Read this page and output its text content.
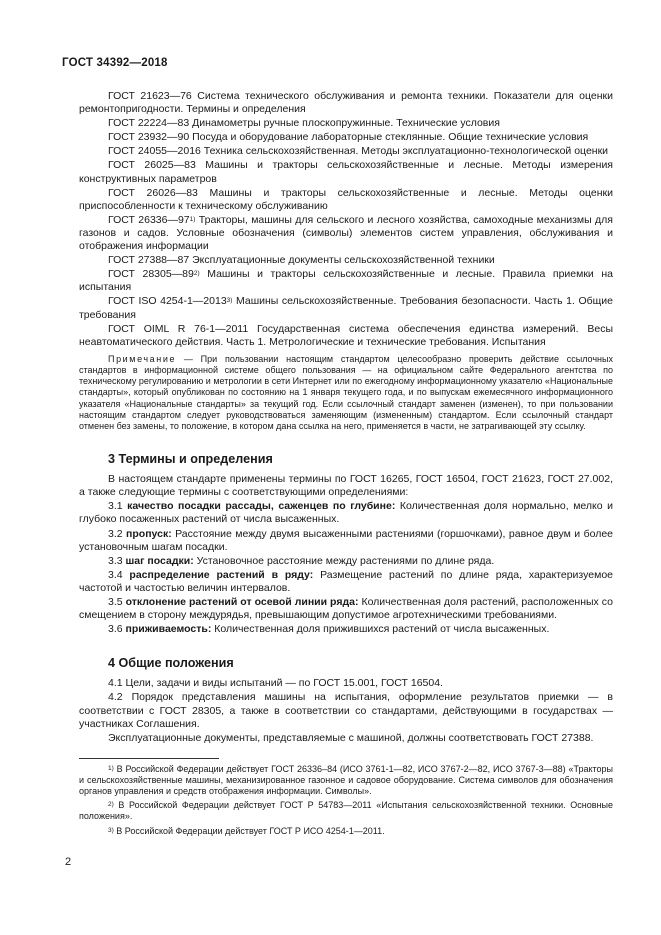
ГОСТ 34392—2018

ГОСТ 21623—76 Система технического обслуживания и ремонта техники. Показатели для оценки ремонтопригодности. Термины и определения

ГОСТ 22224—83 Динамометры ручные плоскопружинные. Технические условия

ГОСТ 23932—90 Посуда и оборудование лабораторные стеклянные. Общие технические условия

ГОСТ 24055—2016 Техника сельскохозяйственная. Методы эксплуатационно-технологической оценки

ГОСТ 26025—83 Машины и тракторы сельскохозяйственные и лесные. Методы измерения конструктивных параметров

ГОСТ 26026—83 Машины и тракторы сельскохозяйственные и лесные. Методы оценки приспособленности к техническому обслуживанию

ГОСТ 26336—97$^{1)}$ Тракторы, машины для сельского и лесного хозяйства, самоходные механизмы для газонов и садов. Условные обозначения (символы) элементов систем управления, обслуживания и отображения информации

ГОСТ 27388—87 Эксплуатационные документы сельскохозяйственной техники

ГОСТ 28305—89$^{2)}$ Машины и тракторы сельскохозяйственные и лесные. Правила приемки на испытания

ГОСТ ISO 4254-1—2013$^{3)}$ Машины сельскохозяйственные. Требования безопасности. Часть 1. Общие требования

ГОСТ OIML R 76-1—2011 Государственная система обеспечения единства измерений. Весы неавтоматического действия. Часть 1. Метрологические и технические требования. Испытания

Примечание — При пользовании настоящим стандартом целесообразно проверить действие ссылочных стандартов в информационной системе общего пользования — на официальном сайте Федерального агентства по техническому регулированию и метрологии в сети Интернет или по ежегодному информационному указателю «Национальные стандарты», который опубликован по состоянию на 1 января текущего года, и по выпускам ежемесячного информационного указателя «Национальные стандарты» за текущий год. Если ссылочный стандарт заменен (изменен), то при пользовании настоящим стандартом следует руководствоваться заменяющим (измененным) стандартом. Если ссылочный стандарт отменен без замены, то положение, в котором дана ссылка на него, применяется в части, не затрагивающей эту ссылку.

3 Термины и определения

В настоящем стандарте применены термины по ГОСТ 16265, ГОСТ 16504, ГОСТ 21623, ГОСТ 27.002, а также следующие термины с соответствующими определениями:

3.1 качество посадки рассады, саженцев по глубине: Количественная доля нормально, мелко и глубоко посаженных растений от числа высаженных.

3.2 пропуск: Расстояние между двумя высаженными растениями (горшочками), равное двум и более установочным шагам посадки.

3.3 шаг посадки: Установочное расстояние между растениями по длине ряда.

3.4 распределение растений в ряду: Размещение растений по длине ряда, характеризуемое частотой и частостью величин интервалов.

3.5 отклонение растений от осевой линии ряда: Количественная доля растений, расположенных со смещением в сторону междурядья, превышающим допустимое агротехническими требованиями.

3.6 приживаемость: Количественная доля прижившихся растений от числа высаженных.

4 Общие положения

4.1 Цели, задачи и виды испытаний — по ГОСТ 15.001, ГОСТ 16504.

4.2 Порядок представления машины на испытания, оформление результатов приемки — в соответствии с ГОСТ 28305, а также в соответствии со стандартами, действующими в государствах — участниках Соглашения.

Эксплуатационные документы, представляемые с машиной, должны соответствовать ГОСТ 27388.

$^{1)}$ В Российской Федерации действует ГОСТ 26336–84 (ИСО 3761-1—82, ИСО 3767-2—82, ИСО 3767-3—88) «Тракторы и сельскохозяйственные машины, механизированное газонное и садовое оборудование. Система символов для обозначения органов управления и средств отображения информации. Символы».

$^{2)}$ В Российской Федерации действует ГОСТ Р 54783—2011 «Испытания сельскохозяйственной техники. Основные положения».

$^{3)}$ В Российской Федерации действует ГОСТ Р ИСО 4254-1—2011.

2
